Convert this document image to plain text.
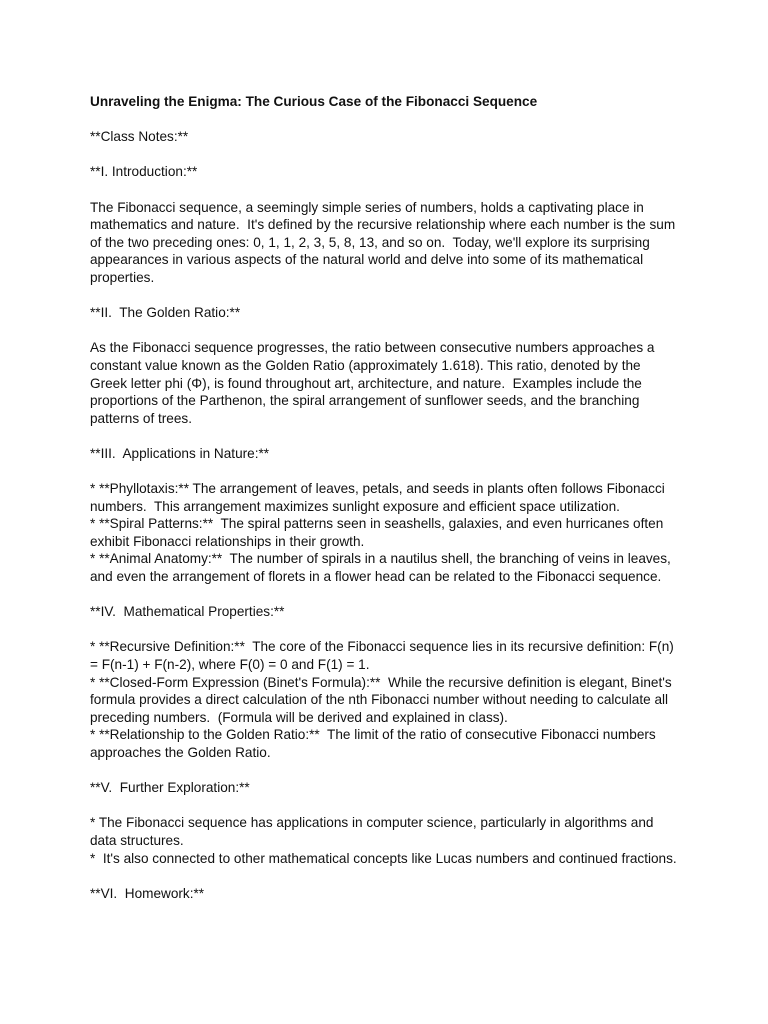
Unraveling the Enigma: The Curious Case of the Fibonacci Sequence

**Class Notes:**

**I. Introduction:**

The Fibonacci sequence, a seemingly simple series of numbers, holds a captivating place in mathematics and nature.  It's defined by the recursive relationship where each number is the sum of the two preceding ones: 0, 1, 1, 2, 3, 5, 8, 13, and so on.  Today, we'll explore its surprising appearances in various aspects of the natural world and delve into some of its mathematical properties.

**II.  The Golden Ratio:**

As the Fibonacci sequence progresses, the ratio between consecutive numbers approaches a constant value known as the Golden Ratio (approximately 1.618). This ratio, denoted by the Greek letter phi (Φ), is found throughout art, architecture, and nature.  Examples include the proportions of the Parthenon, the spiral arrangement of sunflower seeds, and the branching patterns of trees.

**III.  Applications in Nature:**

* **Phyllotaxis:** The arrangement of leaves, petals, and seeds in plants often follows Fibonacci numbers.  This arrangement maximizes sunlight exposure and efficient space utilization.

* **Spiral Patterns:**  The spiral patterns seen in seashells, galaxies, and even hurricanes often exhibit Fibonacci relationships in their growth.

* **Animal Anatomy:**  The number of spirals in a nautilus shell, the branching of veins in leaves, and even the arrangement of florets in a flower head can be related to the Fibonacci sequence.

**IV.  Mathematical Properties:**

* **Recursive Definition:**  The core of the Fibonacci sequence lies in its recursive definition: F(n) = F(n-1) + F(n-2), where F(0) = 0 and F(1) = 1.

* **Closed-Form Expression (Binet's Formula):**  While the recursive definition is elegant, Binet's formula provides a direct calculation of the nth Fibonacci number without needing to calculate all preceding numbers.  (Formula will be derived and explained in class).

* **Relationship to the Golden Ratio:**  The limit of the ratio of consecutive Fibonacci numbers approaches the Golden Ratio.

**V.  Further Exploration:**

* The Fibonacci sequence has applications in computer science, particularly in algorithms and data structures.

*  It's also connected to other mathematical concepts like Lucas numbers and continued fractions.

**VI.  Homework:**
